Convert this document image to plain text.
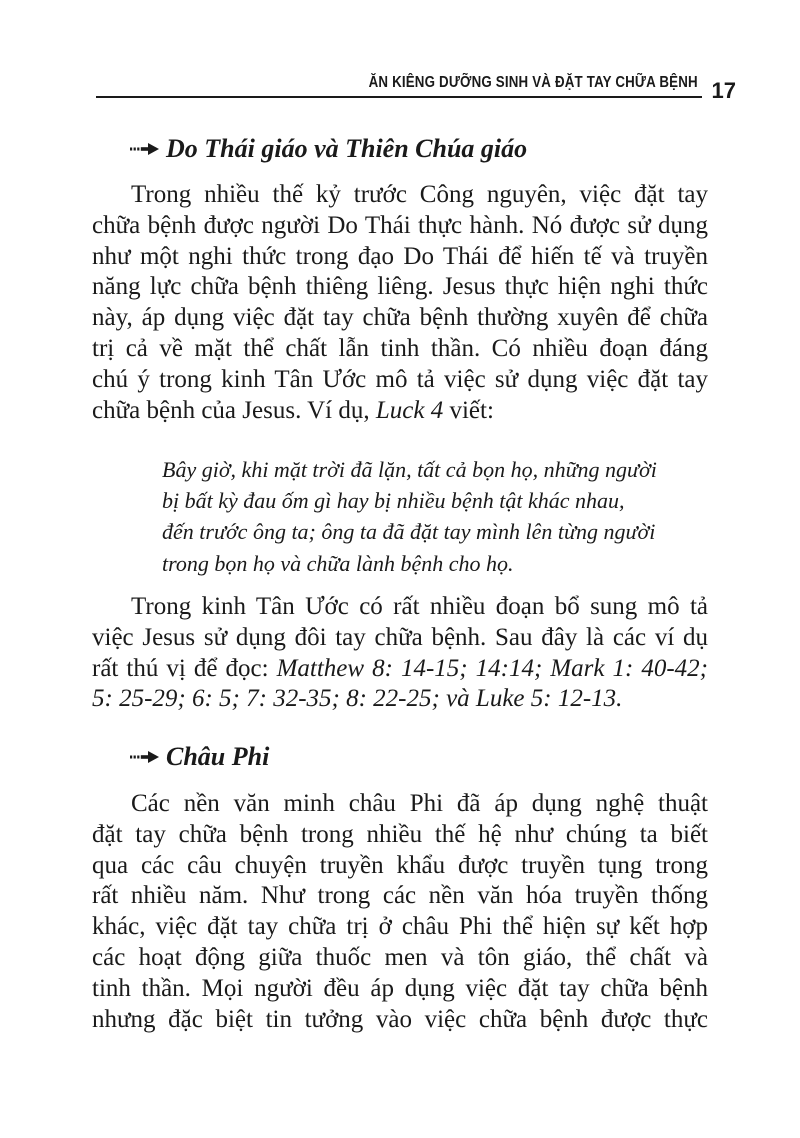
ĂN KIÊNG DƯỠNG SINH VÀ ĐẶT TAY CHỮA BỆNH 17
Do Thái giáo và Thiên Chúa giáo
Trong nhiều thế kỷ trước Công nguyên, việc đặt tay
chữa bệnh được người Do Thái thực hành. Nó được sử dụng
như một nghi thức trong đạo Do Thái để hiến tế và truyền
năng lực chữa bệnh thiêng liêng. Jesus thực hiện nghi thức
này, áp dụng việc đặt tay chữa bệnh thường xuyên để chữa
trị cả về mặt thể chất lẫn tinh thần. Có nhiều đoạn đáng
chú ý trong kinh Tân Ước mô tả việc sử dụng việc đặt tay
chữa bệnh của Jesus. Ví dụ, Luck 4 viết:
Bây giờ, khi mặt trời đã lặn, tất cả bọn họ, những người
bị bất kỳ đau ốm gì hay bị nhiều bệnh tật khác nhau,
đến trước ông ta; ông ta đã đặt tay mình lên từng người
trong bọn họ và chữa lành bệnh cho họ.
Trong kinh Tân Ước có rất nhiều đoạn bổ sung mô tả
việc Jesus sử dụng đôi tay chữa bệnh. Sau đây là các ví dụ
rất thú vị để đọc: Matthew 8: 14-15; 14:14; Mark 1: 40-42;
5: 25-29; 6: 5; 7: 32-35; 8: 22-25; và Luke 5: 12-13.
Châu Phi
Các nền văn minh châu Phi đã áp dụng nghệ thuật
đặt tay chữa bệnh trong nhiều thế hệ như chúng ta biết
qua các câu chuyện truyền khẩu được truyền tụng trong
rất nhiều năm. Như trong các nền văn hóa truyền thống
khác, việc đặt tay chữa trị ở châu Phi thể hiện sự kết hợp
các hoạt động giữa thuốc men và tôn giáo, thể chất và
tinh thần. Mọi người đều áp dụng việc đặt tay chữa bệnh
nhưng đặc biệt tin tưởng vào việc chữa bệnh được thực
